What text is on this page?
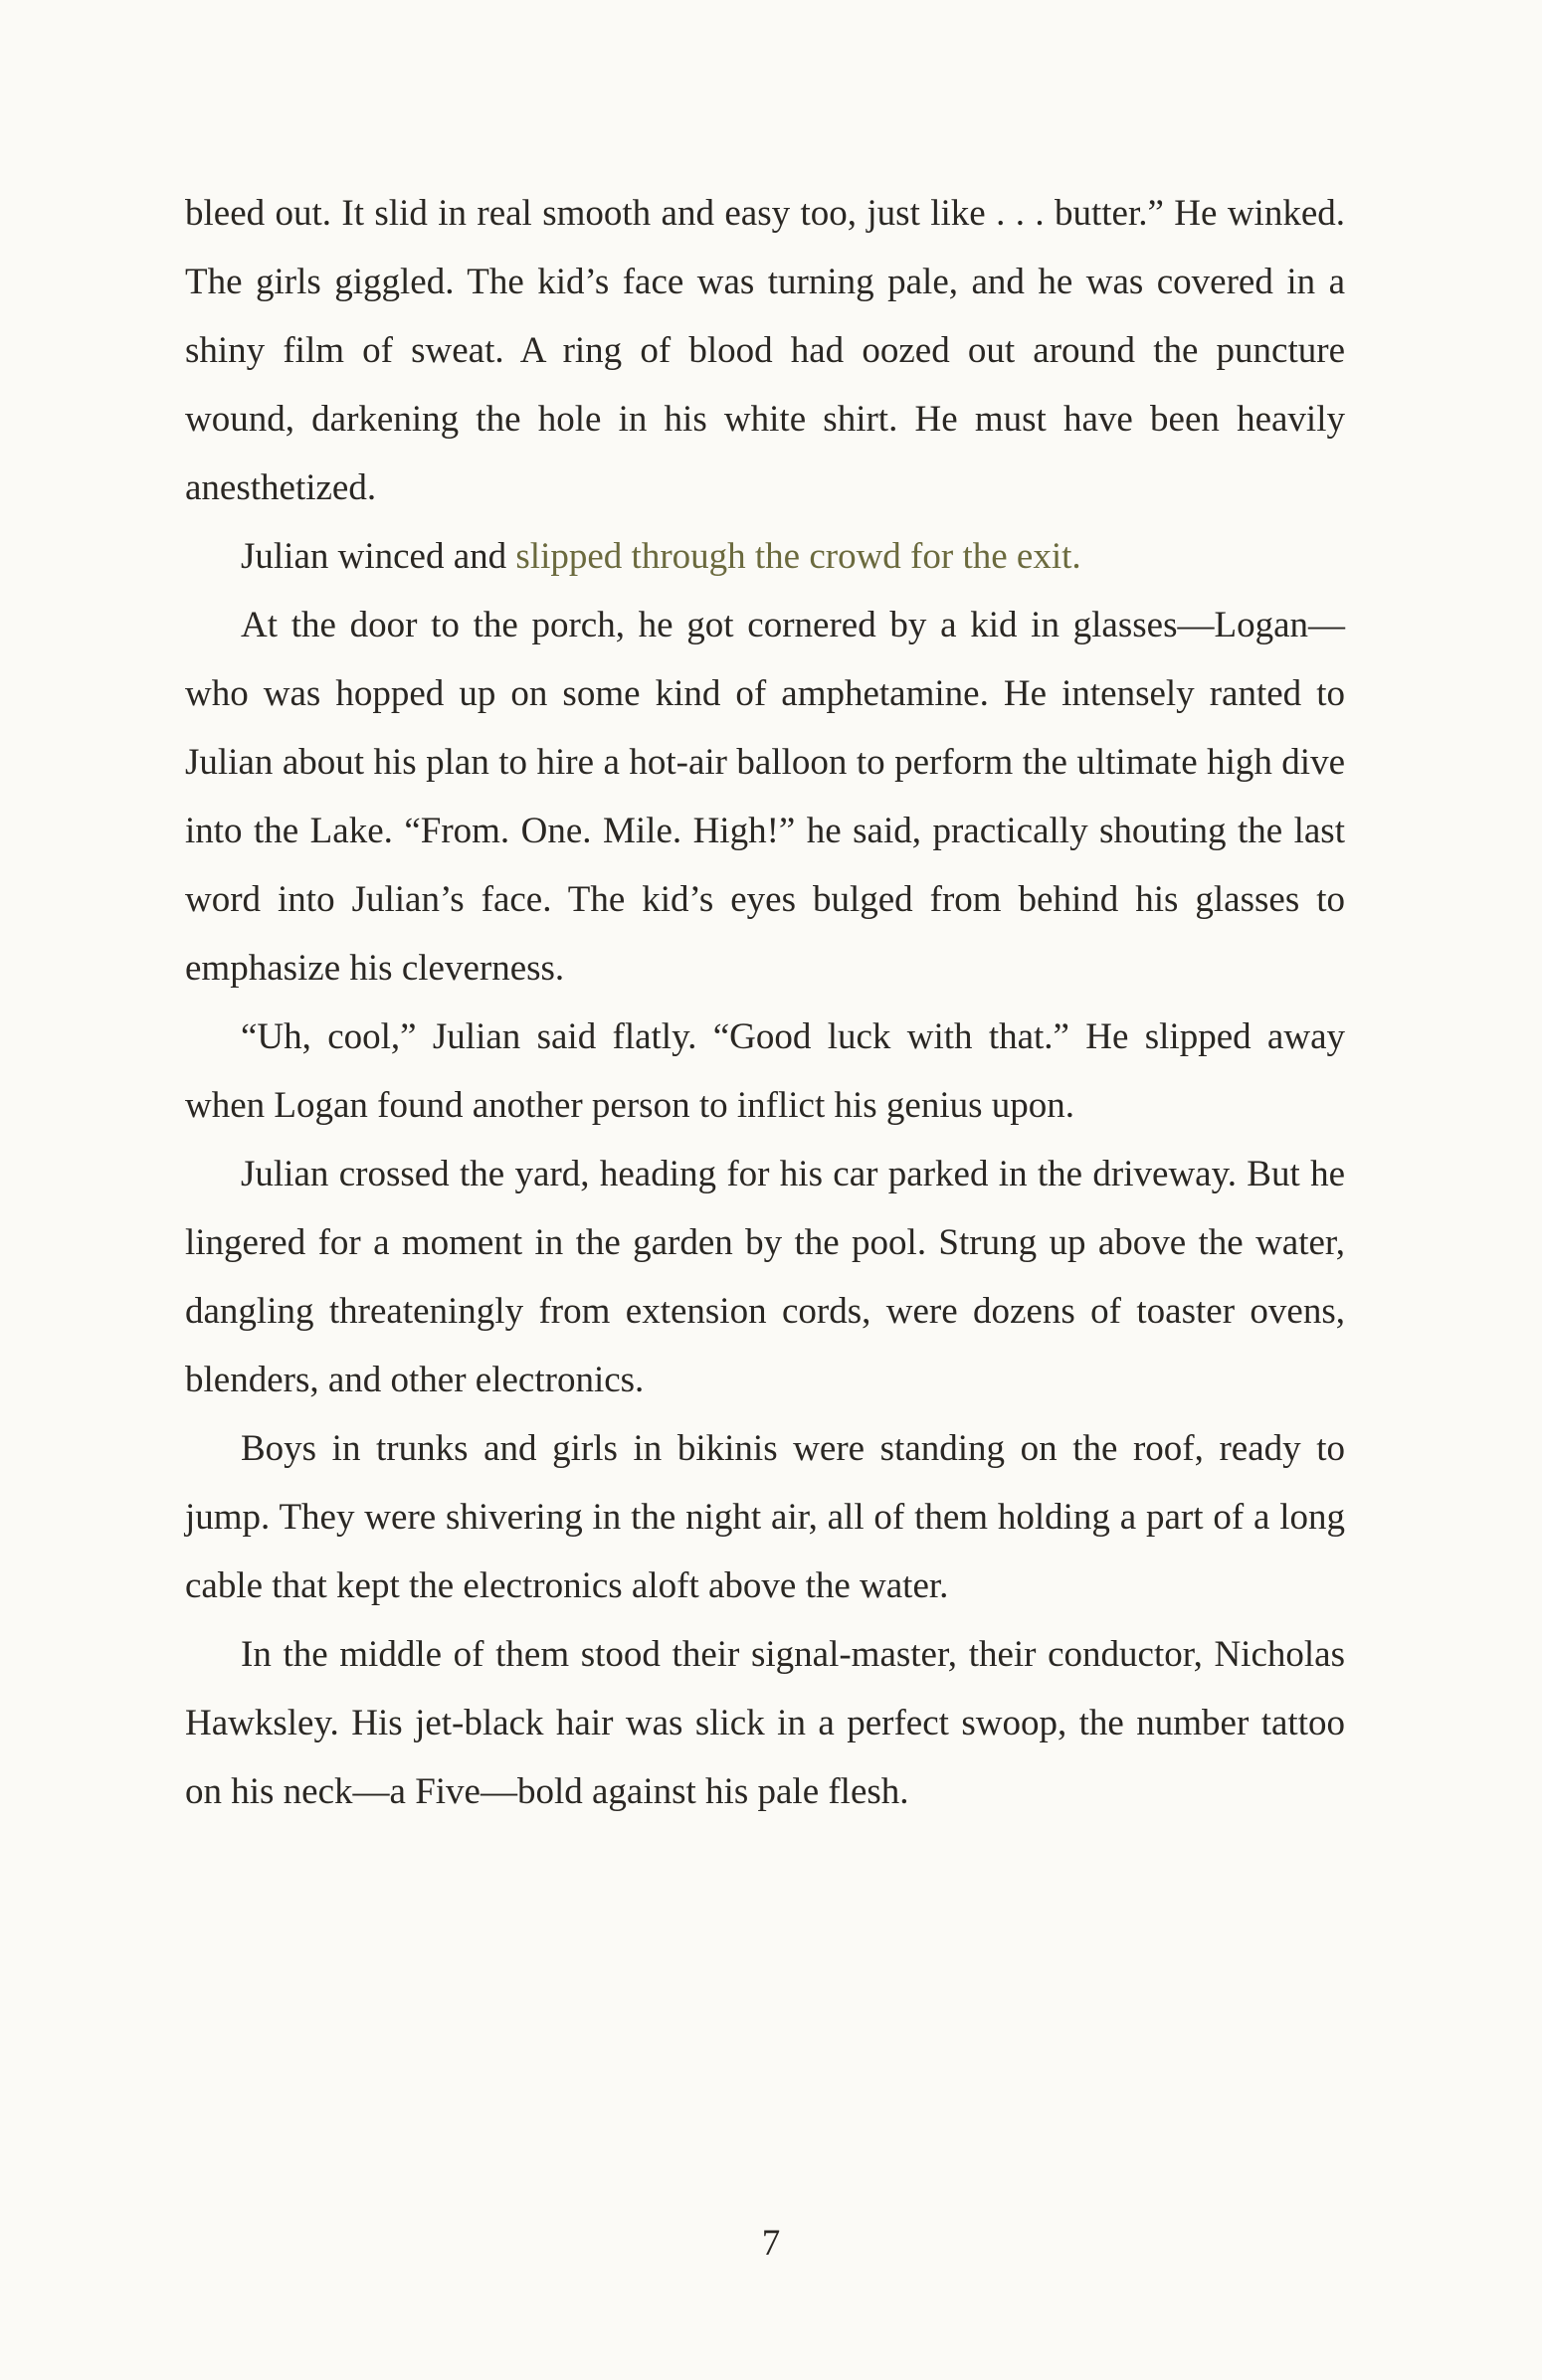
bleed out. It slid in real smooth and easy too, just like . . . butter.” He winked. The girls giggled. The kid’s face was turning pale, and he was covered in a shiny film of sweat. A ring of blood had oozed out around the puncture wound, darkening the hole in his white shirt. He must have been heavily anesthetized.

Julian winced and slipped through the crowd for the exit.

At the door to the porch, he got cornered by a kid in glasses—Logan—who was hopped up on some kind of amphetamine. He intensely ranted to Julian about his plan to hire a hot-air balloon to perform the ultimate high dive into the Lake. “From. One. Mile. High!” he said, practically shouting the last word into Julian’s face. The kid’s eyes bulged from behind his glasses to emphasize his cleverness.

“Uh, cool,” Julian said flatly. “Good luck with that.” He slipped away when Logan found another person to inflict his genius upon.

Julian crossed the yard, heading for his car parked in the driveway. But he lingered for a moment in the garden by the pool. Strung up above the water, dangling threateningly from extension cords, were dozens of toaster ovens, blenders, and other electronics.

Boys in trunks and girls in bikinis were standing on the roof, ready to jump. They were shivering in the night air, all of them holding a part of a long cable that kept the electronics aloft above the water.

In the middle of them stood their signal-master, their conductor, Nicholas Hawksley. His jet-black hair was slick in a perfect swoop, the number tattoo on his neck—a Five—bold against his pale flesh.

7
